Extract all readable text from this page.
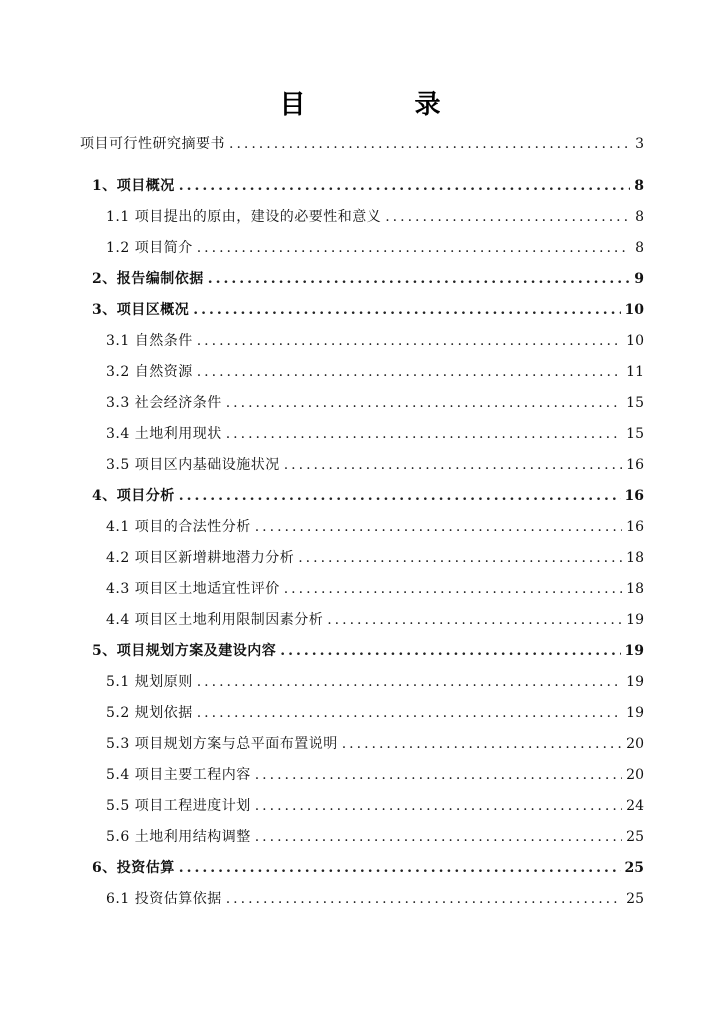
目 录
项目可行性研究摘要书 .....	3
1、项目概况 .....	8
1.1 项目提出的原由，建设的必要性和意义 .....	8
1.2 项目简介 .....	8
2、报告编制依据 .....	9
3、项目区概况 .....	10
3.1 自然条件 .....	10
3.2 自然资源 .....	11
3.3 社会经济条件 .....	15
3.4 土地利用现状 .....	15
3.5 项目区内基础设施状况 .....	16
4、项目分析 .....	16
4.1 项目的合法性分析 .....	16
4.2 项目区新增耕地潜力分析 .....	18
4.3 项目区土地适宜性评价 .....	18
4.4 项目区土地利用限制因素分析 .....	19
5、项目规划方案及建设内容 .....	19
5.1 规划原则 .....	19
5.2 规划依据 .....	19
5.3 项目规划方案与总平面布置说明 .....	20
5.4 项目主要工程内容 .....	20
5.5 项目工程进度计划 .....	24
5.6 土地利用结构调整 .....	25
6、投资估算 .....	25
6.1 投资估算依据 .....	25
